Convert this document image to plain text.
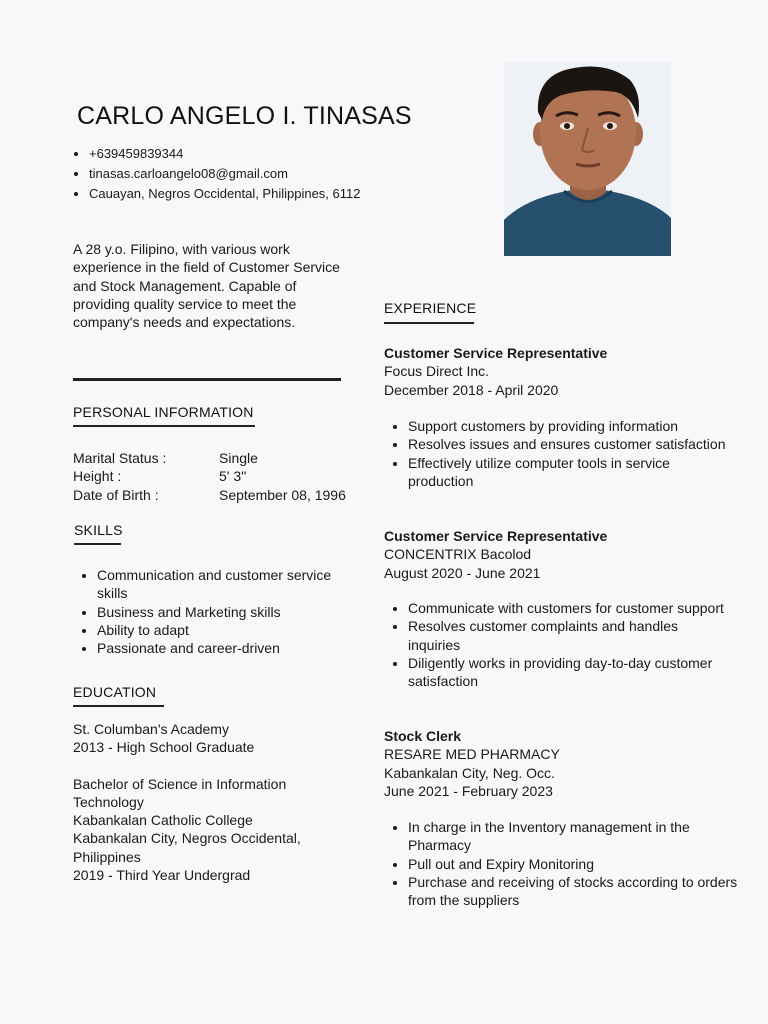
CARLO ANGELO I. TINASAS
• +639459839344
• tinasas.carloangelo08@gmail.com
• Cauayan, Negros Occidental, Philippines, 6112
A 28 y.o. Filipino, with various work experience in the field of Customer Service and Stock Management. Capable of providing quality service to meet the company's needs and expectations.
PERSONAL INFORMATION
Marital Status :	Single
Height :	5' 3''
Date of Birth :	September 08, 1996
SKILLS
• Communication and customer service skills
• Business and Marketing skills
• Ability to adapt
• Passionate and career-driven
EDUCATION

St. Columban's Academy

2013 - High School Graduate

Bachelor of Science in Information Technology

Kabankalan Catholic College

Kabankalan City, Negros Occidental, Philippines

2019 - Third Year Undergrad

EXPERIENCE
Customer Service Representative
Focus Direct Inc.
December 2018 - April 2020
• Support customers by providing information
• Resolves issues and ensures customer satisfaction
• Effectively utilize computer tools in service production
Customer Service Representative
CONCENTRIX Bacolod
August 2020 - June 2021
• Communicate with customers for customer support
• Resolves customer complaints and handles inquiries
• Diligently works in providing day-to-day customer satisfaction
Stock Clerk
RESARE MED PHARMACY
Kabankalan City, Neg. Occ.
June 2021 - February 2023
• In charge in the Inventory management in the Pharmacy
• Pull out and Expiry Monitoring
• Purchase and receiving of stocks according to orders from the suppliers
